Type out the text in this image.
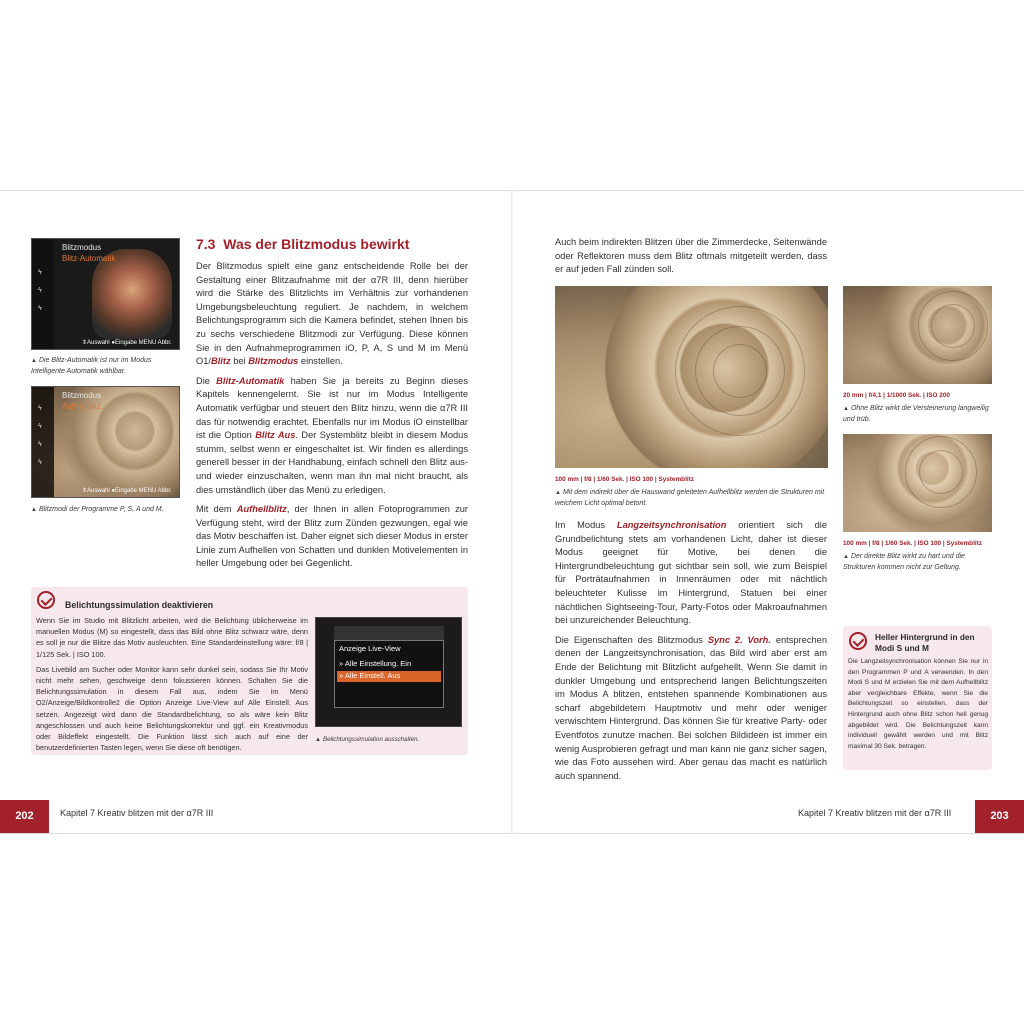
ϟ
ϟ
ϟ
Blitzmodus
Blitz-Automatik
⇕Auswahl ●Eingabe MENU Abbr.
▲ Die Blitz-Automatik ist nur im Modus Intelligente Automatik wählbar.
ϟ
ϟ
ϟ
ϟ
Blitzmodus
Aufhellblitz
⇕Auswahl ●Eingabe MENU Abbr.
▲ Blitzmodi der Programme P, S, A und M.
7.3 Was der Blitzmodus bewirkt

Der Blitzmodus spielt eine ganz entscheidende Rolle bei der Gestaltung einer Blitzaufnahme mit der α7R III, denn hierüber wird die Stärke des Blitzlichts im Verhältnis zur vorhandenen Umgebungsbeleuchtung reguliert. Je nachdem, in welchem Belichtungsprogramm sich die Kamera befindet, stehen Ihnen bis zu sechs verschiedene Blitzmodi zur Verfügung. Diese können Sie in den Aufnahmeprogrammen iO, P, A, S und M im Menü O1/Blitz bei Blitzmodus einstellen.

Die Blitz-Automatik haben Sie ja bereits zu Beginn dieses Kapitels kennengelernt. Sie ist nur im Modus Intelligente Automatik verfügbar und steuert den Blitz hinzu, wenn die α7R III das für notwendig erachtet. Ebenfalls nur im Modus iO einstellbar ist die Option Blitz Aus. Der Systemblitz bleibt in diesem Modus stumm, selbst wenn er eingeschaltet ist. Wir finden es allerdings generell besser in der Handhabung, einfach schnell den Blitz aus- und wieder einzuschalten, wenn man ihn mal nicht braucht, als dies umständlich über das Menü zu erledigen.

Mit dem Aufhellblitz, der Ihnen in allen Fotoprogrammen zur Verfügung steht, wird der Blitz zum Zünden gezwungen, egal wie das Motiv beschaffen ist. Daher eignet sich dieser Modus in erster Linie zum Aufhellen von Schatten und dunklen Motivelementen in heller Umgebung oder bei Gegenlicht.

Belichtungssimulation deaktivieren
Wenn Sie im Studio mit Blitzlicht arbeiten, wird die Belichtung üblicherweise im manuellen Modus (M) so eingestellt, dass das Bild ohne Blitz schwarz wäre, denn es soll je nur die Blitze das Motiv ausleuchten. Eine Standardeinstellung wäre: f/8 | 1/125 Sek. | ISO 100.
Das Livebild am Sucher oder Monitor kann sehr dunkel sein, sodass Sie Ihr Motiv nicht mehr sehen, geschweige denn fokussieren können. Schalten Sie die Belichtungssimulation in diesem Fall aus, indem Sie im Menü O2/Anzeige/Bildkontrolle2 die Option Anzeige Live-View auf Alle Einstell. Aus setzen. Angezeigt wird dann die Standardbelichtung, so als wäre kein Blitz angeschlossen und auch keine Belichtungskorrektur und ggf. ein Kreativmodus oder Bildeffekt eingestellt. Die Funktion lässt sich auch auf eine der benutzerdefinierten Tasten legen, wenn Sie diese oft benötigen.
Anzeige Live-View
» Alle Einstellung. Ein
» Alle Einstell. Aus
▲ Belichtungssimulation ausschalten.
202	Kapitel 7 Kreativ blitzen mit der α7R III
Auch beim indirekten Blitzen über die Zimmerdecke, Seitenwände oder Reflektoren muss dem Blitz oftmals mitgeteilt werden, dass er auf jeden Fall zünden soll.
100 mm | f/8 | 1/60 Sek. | ISO 100 | Systemblitz
▲ Mit dem indirekt über die Hauswand geleiteten Aufhellblitz werden die Strukturen mit weichem Licht optimal betont.
20 mm | f/4,1 | 1/1000 Sek. | ISO 200
▲ Ohne Blitz wirkt die Versteinerung langweilig und trüb.
100 mm | f/8 | 1/60 Sek. | ISO 100 | Systemblitz
▲ Der direkte Blitz wirkt zu hart und die Strukturen kommen nicht zur Geltung.

Im Modus Langzeitsynchronisation orientiert sich die Grundbelichtung stets am vorhandenen Licht, daher ist dieser Modus geeignet für Motive, bei denen die Hintergrundbeleuchtung gut sichtbar sein soll, wie zum Beispiel für Porträtaufnahmen in Innenräumen oder mit nächtlich beleuchteter Kulisse im Hintergrund, Statuen bei einer nächtlichen Sightseeing-Tour, Party-Fotos oder Makroaufnahmen bei unzureichender Beleuchtung.

Die Eigenschaften des Blitzmodus Sync 2. Vorh. entsprechen denen der Langzeitsynchronisation, das Bild wird aber erst am Ende der Belichtung mit Blitzlicht aufgehellt. Wenn Sie damit in dunkler Umgebung und entsprechend langen Belichtungszeiten im Modus A blitzen, entstehen spannende Kombinationen aus scharf abgebildetem Hauptmotiv und mehr oder weniger verwischtem Hintergrund. Das können Sie für kreative Party- oder Eventfotos zunutze machen. Bei solchen Bildideen ist immer ein wenig Ausprobieren gefragt und man kann nie ganz sicher sagen, wie das Foto aussehen wird. Aber genau das macht es natürlich auch spannend.

Heller Hintergrund in den Modi S und M
Die Langzeitsynchronisation können Sie nur in den Programmen P und A verwenden. In den Modi S und M erzielen Sie mit dem Aufhellblitz aber vergleichbare Effekte, wenn Sie die Belichtungszeit so einstellen, dass der Hintergrund auch ohne Blitz schon hell genug abgebildet wird. Die Belichtungszeit kann individuell gewählt werden und mit Blitz maximal 30 Sek. betragen.
Kapitel 7 Kreativ blitzen mit der α7R III	203
